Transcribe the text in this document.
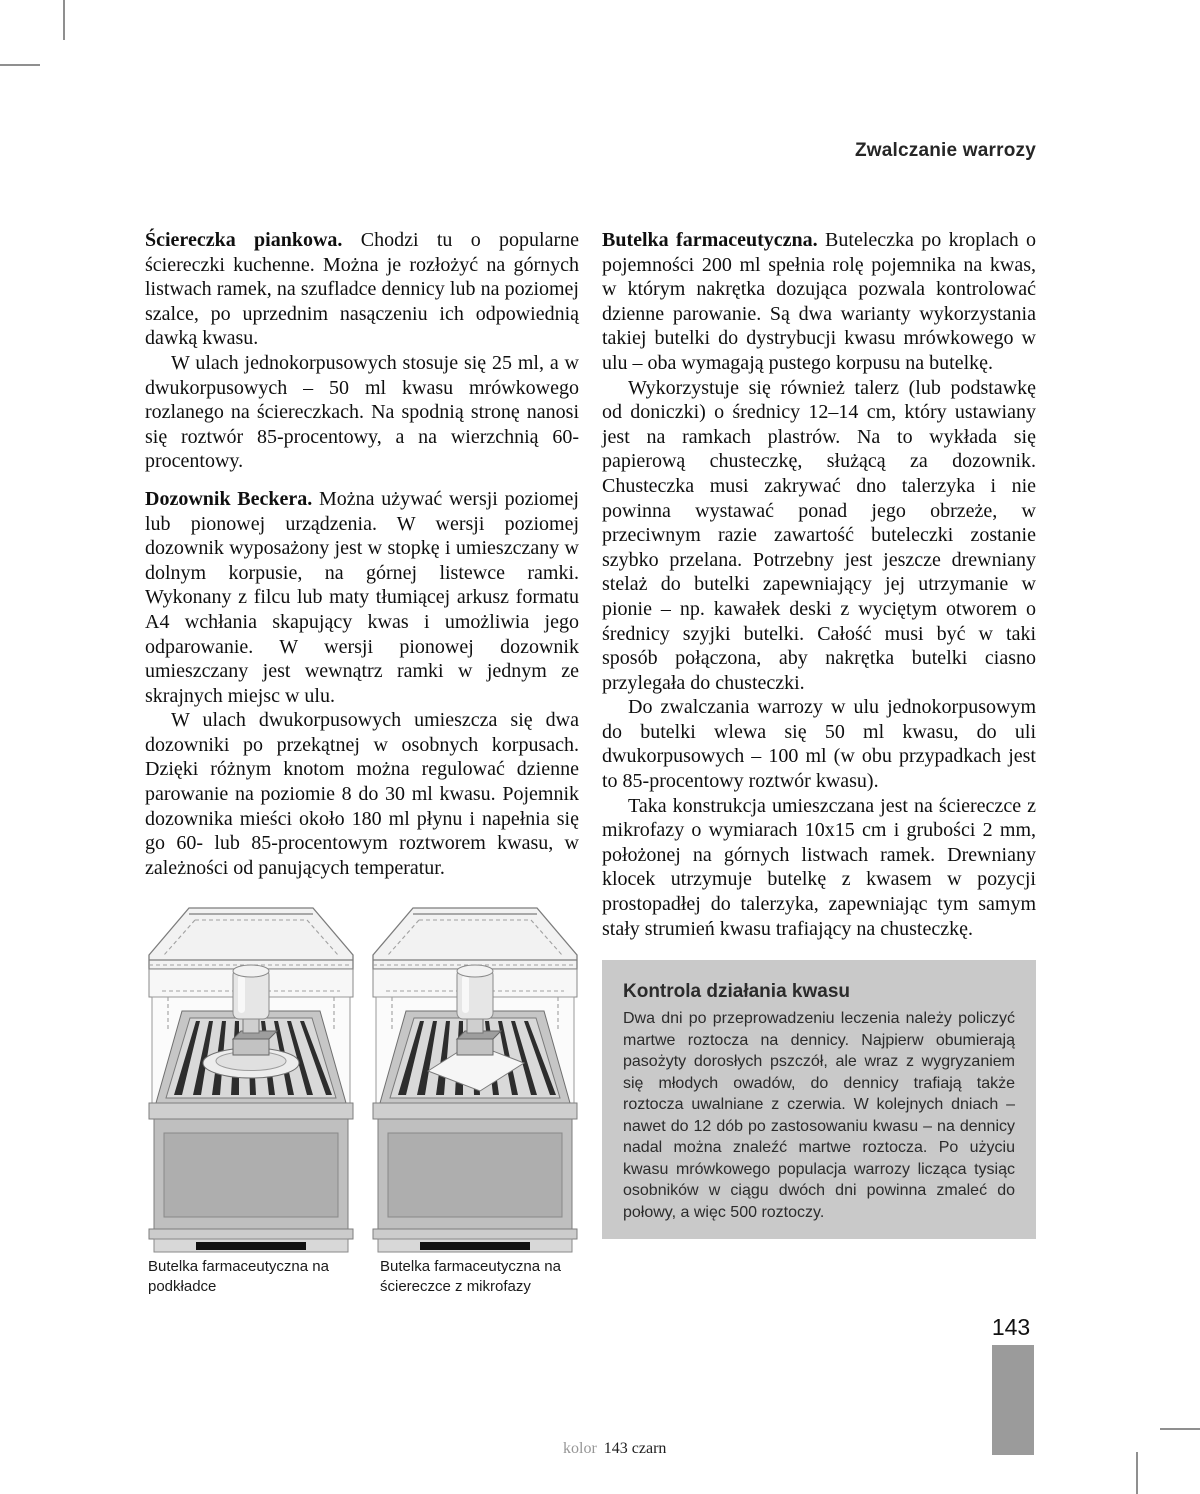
Zwalczanie warrozy

Ściereczka piankowa. Chodzi tu o popularne ściereczki kuchenne. Można je rozłożyć na górnych listwach ramek, na szufladce dennicy lub na poziomej szalce, po uprzednim nasączeniu ich odpowiednią dawką kwasu.

W ulach jednokorpusowych stosuje się 25 ml, a w dwukorpusowych – 50 ml kwasu mrówkowego rozlanego na ściereczkach. Na spodnią stronę nanosi się roztwór 85-procentowy, a na wierzchnią 60-procentowy.

Dozownik Beckera. Można używać wersji poziomej lub pionowej urządzenia. W wersji poziomej dozownik wyposażony jest w stopkę i umieszczany w dolnym korpusie, na górnej listewce ramki. Wykonany z filcu lub maty tłumiącej arkusz formatu A4 wchłania skapujący kwas i umożliwia jego odparowanie. W wersji pionowej dozownik umieszczany jest wewnątrz ramki w jednym ze skrajnych miejsc w ulu.

W ulach dwukorpusowych umieszcza się dwa dozowniki po przekątnej w osobnych korpusach. Dzięki różnym knotom można regulować dzienne parowanie na poziomie 8 do 30 ml kwasu. Pojemnik dozownika mieści około 180 ml płynu i napełnia się go 60- lub 85-procentowym roztworem kwasu, w zależności od panujących temperatur.

Butelka farmaceutyczna. Buteleczka po kroplach o pojemności 200 ml spełnia rolę pojemnika na kwas, w którym nakrętka dozująca pozwala kontrolować dzienne parowanie. Są dwa warianty wykorzystania takiej butelki do dystrybucji kwasu mrówkowego w ulu – oba wymagają pustego korpusu na butelkę.

Wykorzystuje się również talerz (lub podstawkę od doniczki) o średnicy 12–14 cm, który ustawiany jest na ramkach plastrów. Na to wykłada się papierową chusteczkę, służącą za dozownik. Chusteczka musi zakrywać dno talerzyka i nie powinna wystawać ponad jego obrzeże, w przeciwnym razie zawartość buteleczki zostanie szybko przelana. Potrzebny jest jeszcze drewniany stelaż do butelki zapewniający jej utrzymanie w pionie – np. kawałek deski z wyciętym otworem o średnicy szyjki butelki. Całość musi być w taki sposób połączona, aby nakrętka butelki ciasno przylegała do chusteczki.

Do zwalczania warrozy w ulu jednokorpusowym do butelki wlewa się 50 ml kwasu, do uli dwukorpusowych – 100 ml (w obu przypadkach jest to 85-procentowy roztwór kwasu).

Taka konstrukcja umieszczana jest na ściereczce z mikrofazy o wymiarach 10x15 cm i grubości 2 mm, położonej na górnych listwach ramek. Drewniany klocek utrzymuje butelkę z kwasem w pozycji prostopadłej do talerzyka, zapewniając tym samym stały strumień kwasu trafiający na chusteczkę.

Butelka farmaceutyczna na podkładce
Butelka farmaceutyczna na ściereczce z mikrofazy

Kontrola działania kwasu

Dwa dni po przeprowadzeniu leczenia należy policzyć martwe roztocza na dennicy. Najpierw obumierają pasożyty dorosłych pszczół, ale wraz z wygryzaniem się młodych owadów, do dennicy trafiają także roztocza uwalniane z czerwia. W kolejnych dniach – nawet do 12 dób po zastosowaniu kwasu – na dennicy nadal można znaleźć martwe roztocza. Po użyciu kwasu mrówkowego populacja warrozy licząca tysiąc osobników w ciągu dwóch dni powinna zmaleć do połowy, a więc 500 roztoczy.

143
kolor 143 czarn
